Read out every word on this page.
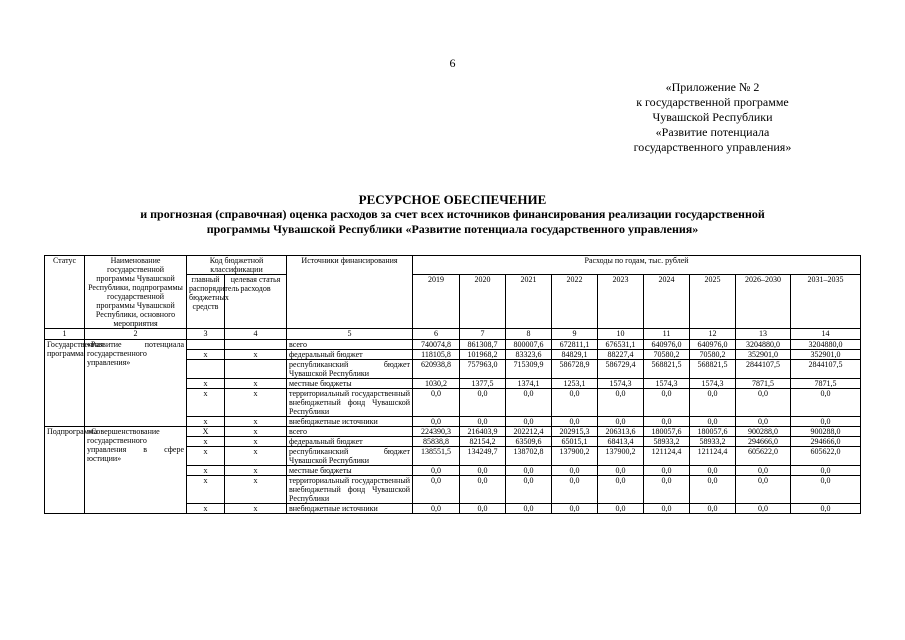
6
«Приложение № 2
к государственной программе
Чувашской Республики
«Развитие потенциала
государственного управления»
РЕСУРСНОЕ ОБЕСПЕЧЕНИЕ
и прогнозная (справочная) оценка расходов за счет всех источников финансирования реализации государственной
программы Чувашской Республики «Развитие потенциала государственного управления»
Статус	Наименование государственной программы Чувашской Республики, подпрограммы государственной программы Чувашской Республики, основного мероприятия	Код бюджетной классификации		Источники финансирования	Расходы по годам, тыс. рублей								
		главный распорядитель бюджетных средств	целевая статья расходов		2019	2020	2021	2022	2023	2024	2025	2026–2030	2031–2035

1	2	3	4	5	6	7	8	9	10	11	12	13	14
Государственная программа	«Развитие потенциала государственного управления»			всего	740074,8	861308,7	800007,6	672811,1	676531,1	640976,0	640976,0	3204880,0	3204880,0
		x	x	федеральный бюджет	118105,8	101968,2	83323,6	84829,1	88227,4	70580,2	70580,2	352901,0	352901,0
				республиканский бюджет Чувашской Республики	620938,8	757963,0	715309,9	586728,9	586729,4	568821,5	568821,5	2844107,5	2844107,5
		x	x	местные бюджеты	1030,2	1377,5	1374,1	1253,1	1574,3	1574,3	1574,3	7871,5	7871,5
		x	x	территориальный государственный внебюджетный фонд Чувашской Республики	0,0	0,0	0,0	0,0	0,0	0,0	0,0	0,0	0,0
		x	x	внебюджетные источники	0,0	0,0	0,0	0,0	0,0	0,0	0,0	0,0	0,0
Подпрограмма	«Совершенствование государственного управления в сфере юстиции»	X	x	всего	224390,3	216403,9	202212,4	202915,3	206313,6	180057,6	180057,6	900288,0	900288,0
		x	x	федеральный бюджет	85838,8	82154,2	63509,6	65015,1	68413,4	58933,2	58933,2	294666,0	294666,0
		x	x	республиканский бюджет Чувашской Республики	138551,5	134249,7	138702,8	137900,2	137900,2	121124,4	121124,4	605622,0	605622,0
		x	x	местные бюджеты	0,0	0,0	0,0	0,0	0,0	0,0	0,0	0,0	0,0
		x	x	территориальный государственный внебюджетный фонд Чувашской Республики	0,0	0,0	0,0	0,0	0,0	0,0	0,0	0,0	0,0
		x	x	внебюджетные источники	0,0	0,0	0,0	0,0	0,0	0,0	0,0	0,0	0,0
